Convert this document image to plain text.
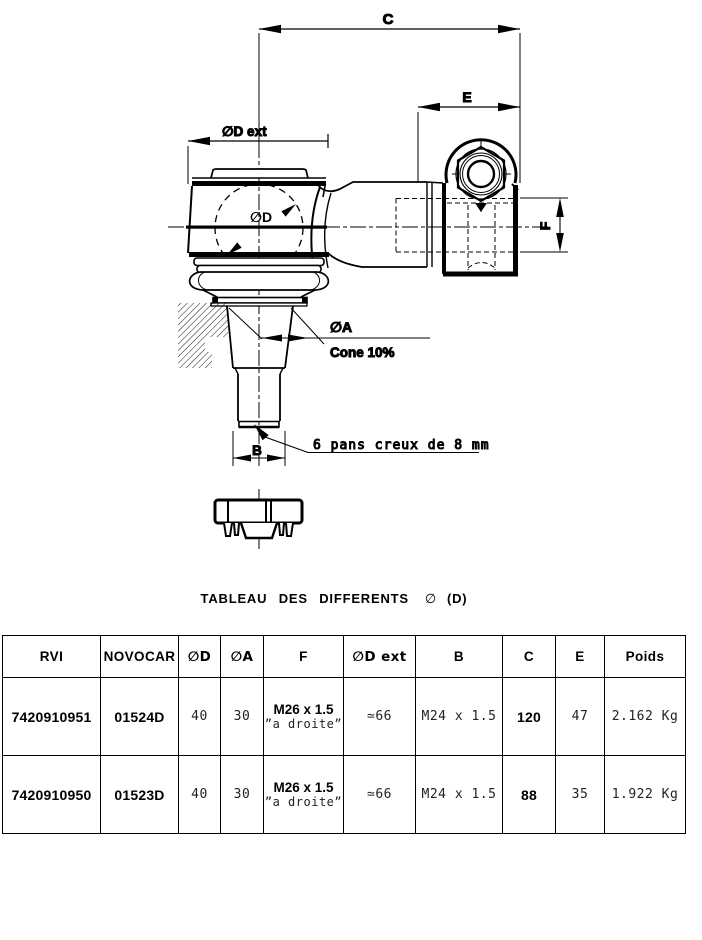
C
E
∅D ext
∅D
∅A
Cone 10%
B
F
6 pans creux de 8 mm
TABLEAU DES DIFFERENTS ∅ (D)
RVI	NOVOCAR	∅D	∅A	F	∅D ext	B	C	E	Poids
7420910951	01524D	40	30	M26 x 1.5
”a droite”	≃66	M24 x 1.5	120	47	2.162 Kg
7420910950	01523D	40	30	M26 x 1.5
”a droite”	≃66	M24 x 1.5	88	35	1.922 Kg
